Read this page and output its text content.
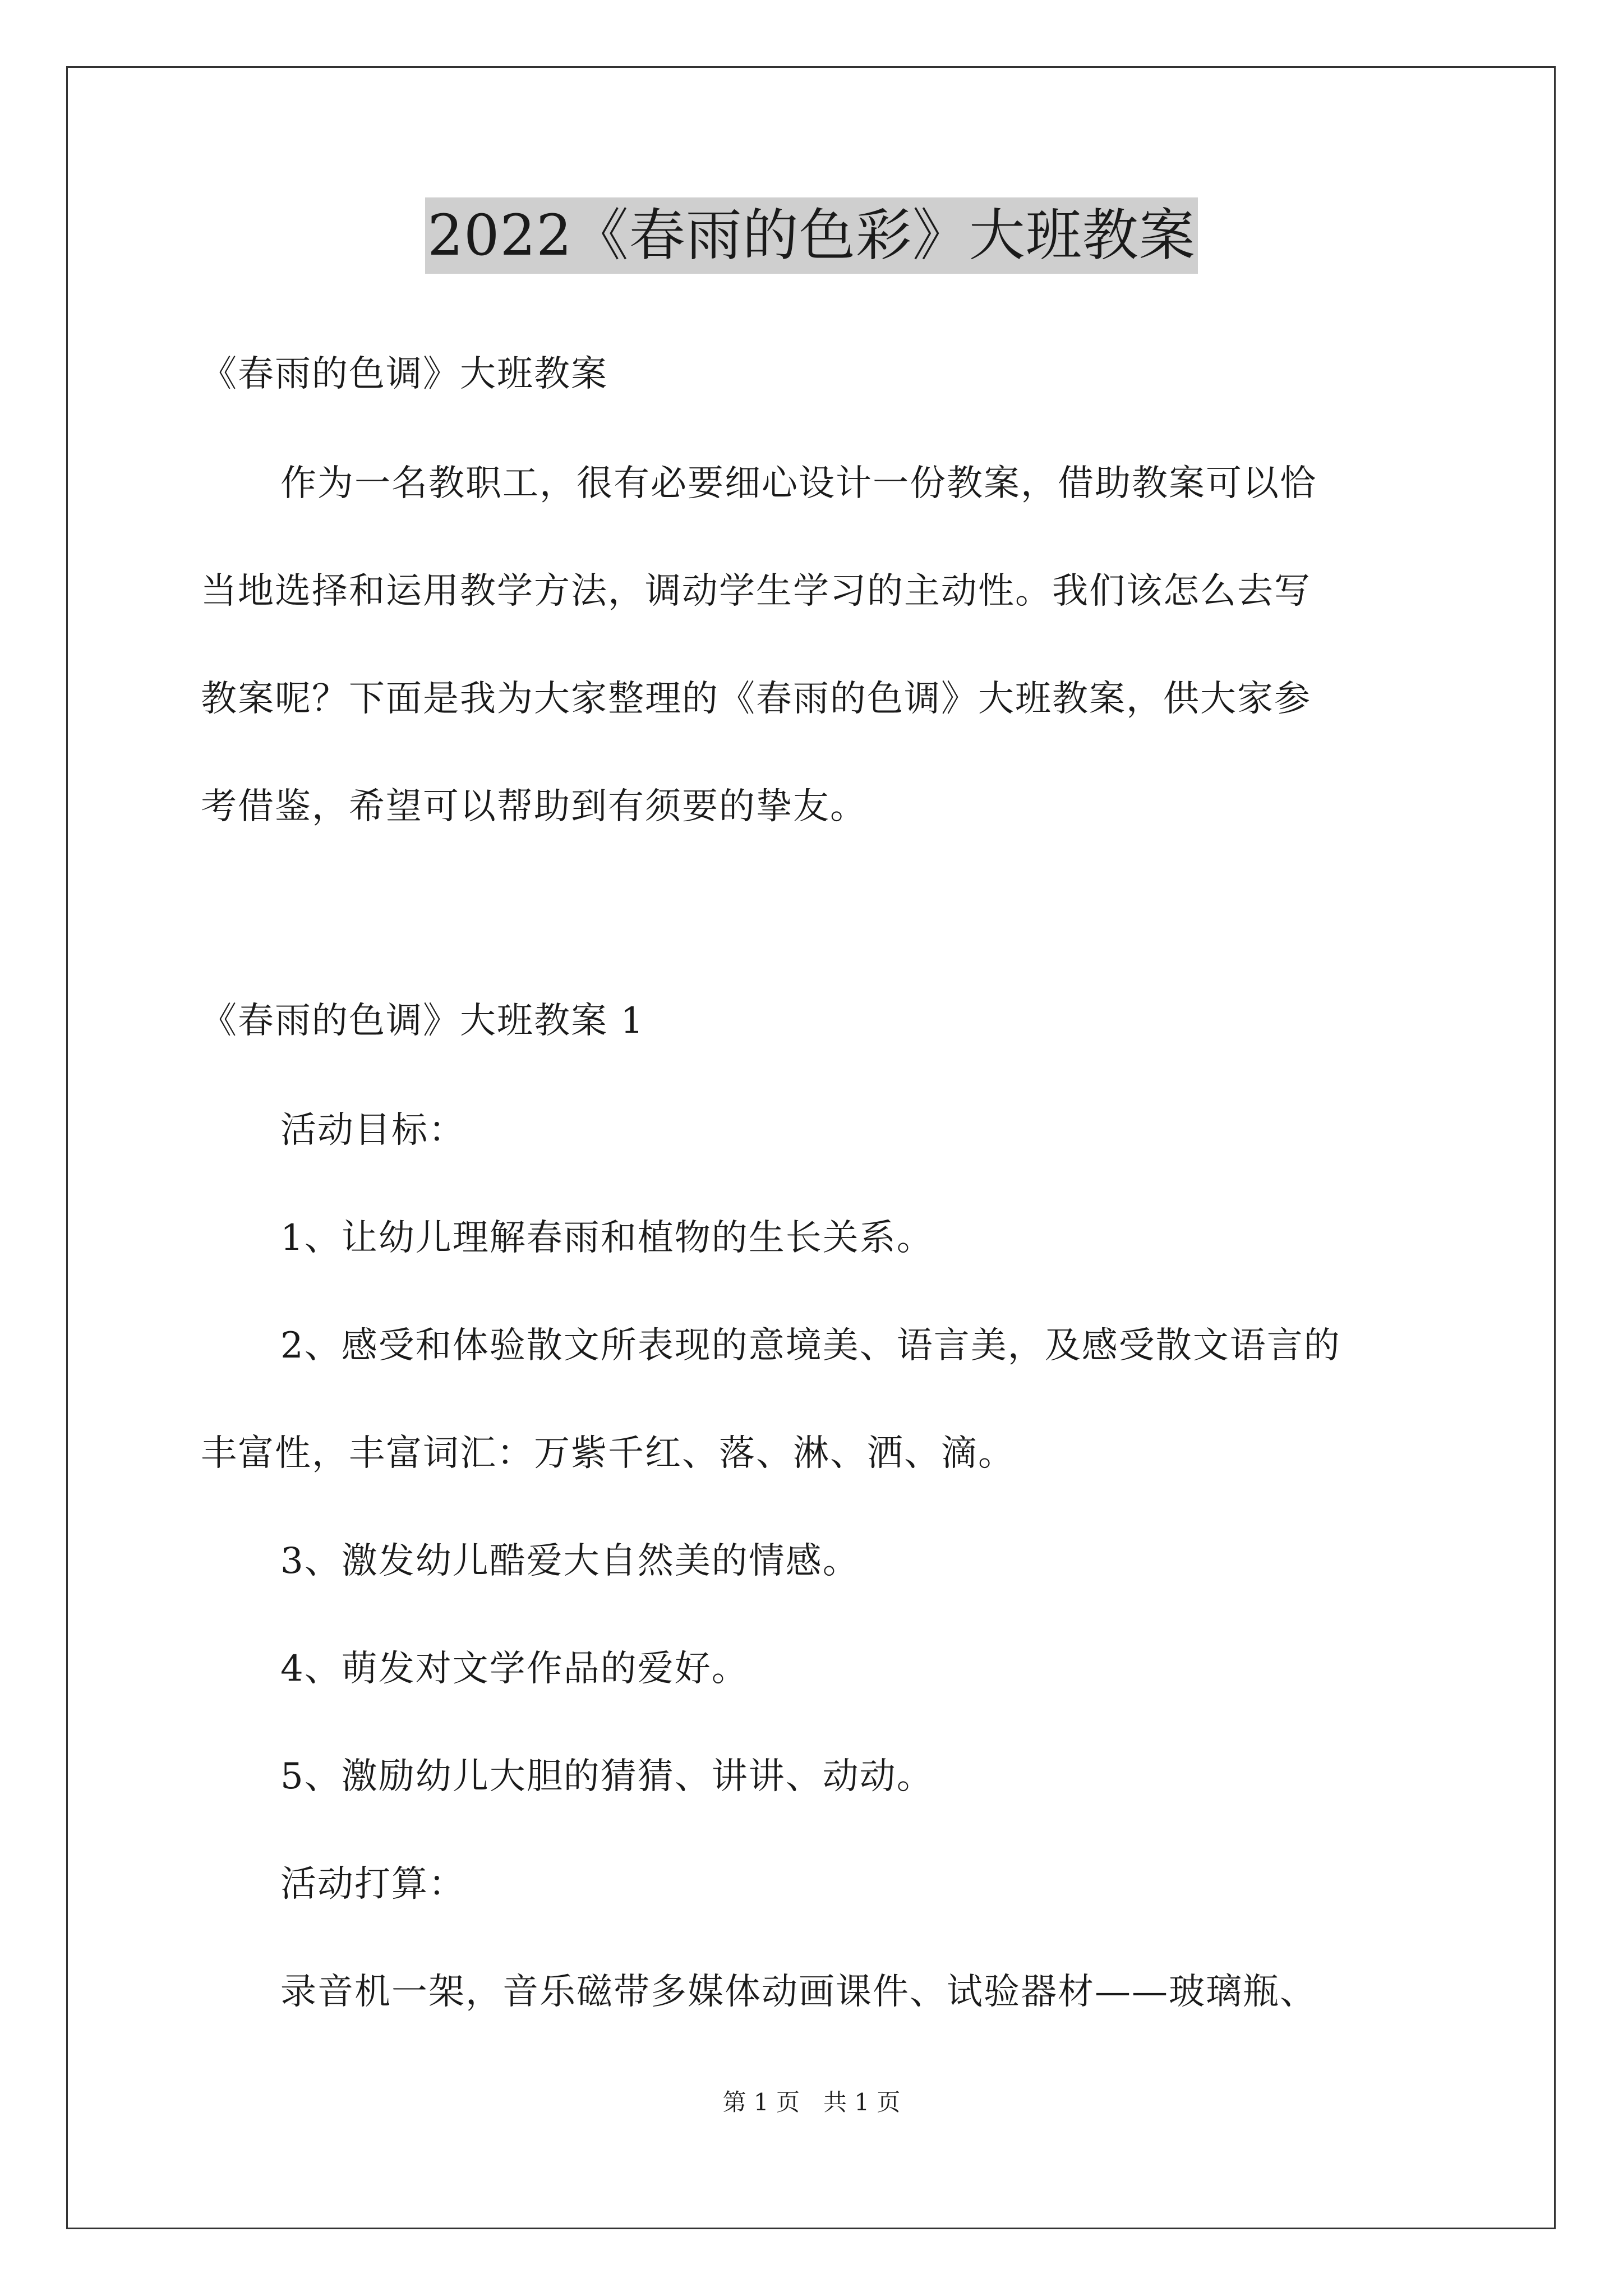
2022《春雨的色彩》大班教案
《春雨的色调》大班教案
作为一名教职工，很有必要细心设计一份教案，借助教案可以恰
当地选择和运用教学方法，调动学生学习的主动性。我们该怎么去写
教案呢？下面是我为大家整理的《春雨的色调》大班教案，供大家参
考借鉴，希望可以帮助到有须要的挚友。
《春雨的色调》大班教案 1
活动目标：
1、让幼儿理解春雨和植物的生长关系。
2、感受和体验散文所表现的意境美、语言美，及感受散文语言的
丰富性，丰富词汇：万紫千红、落、淋、洒、滴。
3、激发幼儿酷爱大自然美的情感。
4、萌发对文学作品的爱好。
5、激励幼儿大胆的猜猜、讲讲、动动。
活动打算：
录音机一架，音乐磁带多媒体动画课件、试验器材——玻璃瓶、
第 1 页　共 1 页
